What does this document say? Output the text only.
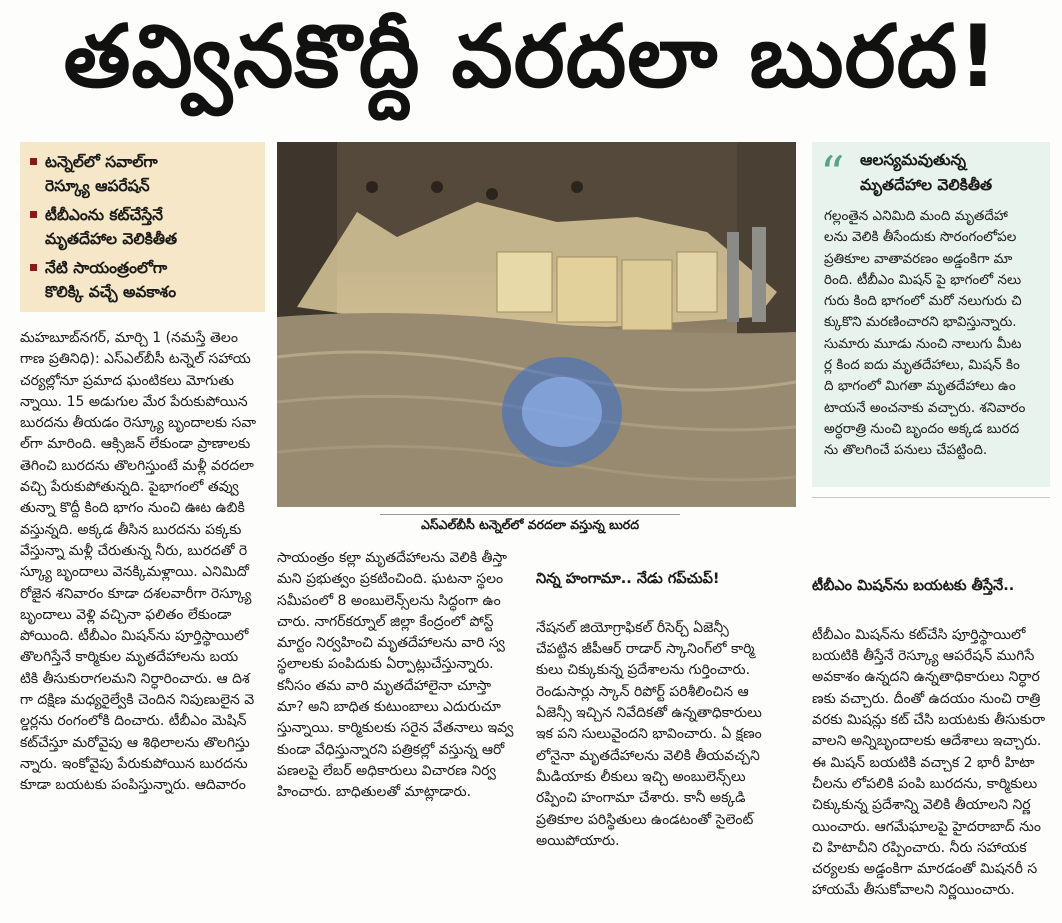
తవ్వినకొద్దీ వరదలా బురద!
టన్నెల్‌లో సవాల్‌గా
రెస్క్యూ ఆపరేషన్
టీబీఎంను కట్‌చేస్తేనే
మృతదేహాల వెలికితీత
నేటి సాయంత్రంలోగా
కొలిక్కి వచ్చే అవకాశం
ఎస్‌ఎల్‌బీసీ టన్నెల్‌లో వరదలా వస్తున్న బురద
మహబూబ్‌నగర్, మార్చి 1 (నమస్తే తెలం
గాణ ప్రతినిధి): ఎస్‌ఎల్‌బీసీ టన్నెల్ సహాయ
చర్యల్లోనూ ప్రమాద ఘంటికలు మోగుతు
న్నాయి. 15 అడుగుల మేర పేరుకుపోయిన
బురదను తీయడం రెస్క్యూ బృందాలకు సవా
ల్‌గా మారింది. ఆక్సిజన్ లేకుండా ప్రాణాలకు
తెగించి బురదను తొలగిస్తుంటే మళ్లీ వరదలా
వచ్చి పేరుకుపోతున్నది. పైభాగంలో తవ్వు
తున్నా కొద్దీ కింది భాగం నుంచి ఊట ఉబికి
వస్తున్నది. అక్కడ తీసిన బురదను పక్కకు
వేస్తున్నా మళ్లీ చేరుతున్న నీరు, బురదతో రె
స్క్యూ బృందాలు వెనక్కిమళ్లాయి. ఎనిమిదో
రోజైన శనివారం కూడా దశలవారీగా రెస్క్యూ
బృందాలు వెళ్లి వచ్చినా ఫలితం లేకుండా
పోయింది. టీబీఎం మిషన్‌ను పూర్తిస్థాయిలో
తొలగిస్తేనే కార్మికుల మృతదేహాలను బయ
టికి తీసుకురాగలమని నిర్ధారించారు. ఆ దిశ
గా దక్షిణ మధ్యరైల్వేకి చెందిన నిపుణులైన వె
ల్డర్లను రంగంలోకి దించారు. టీబీఎం మెషిన్
కట్‌చేస్తూ మరోవైపు ఆ శిథిలాలను తొలగిస్తు
న్నారు. ఇంకోవైపు పేరుకుపోయిన బురదను
కూడా బయటకు పంపిస్తున్నారు. ఆదివారం
సాయంత్రం కల్లా మృతదేహాలను వెలికి తీస్తా
మని ప్రభుత్వం ప్రకటించింది. ఘటనా స్థలం
సమీపంలో 8 అంబులెన్స్‌లను సిద్ధంగా ఉం
చారు. నాగర్‌కర్నూల్ జిల్లా కేంద్రంలో పోస్ట్
మార్టం నిర్వహించి మృతదేహాలను వారి స్వ
స్థలాలకు పంపిదుకు ఏర్పాట్లుచేస్తున్నారు.
కనీసం తమ వారి మృతదేహాలైనా చూస్తా
మా? అని బాధిత కుటుంబాలు ఎదురుచూ
స్తున్నాయి. కార్మికులకు సరైన వేతనాలు ఇవ్వ
కుండా వేధిస్తున్నారని పత్రికల్లో వస్తున్న ఆరో
పణలపై లేబర్ అధికారులు విచారణ నిర్వ
హించారు. బాధితులతో మాట్లాడారు.

నిన్న హంగామా.. నేడు గప్‌చుప్!

నేషనల్ జియోగ్రాఫికల్ రీసెర్చ్ ఏజెన్సీ
చేపట్టిన జీపీఆర్ రాడార్ స్కానింగ్‌లో కార్మి
కులు చిక్కుకున్న ప్రదేశాలను గుర్తించారు.
రెండుసార్లు స్కాన్ రిపోర్ట్ పరిశీలించిన ఆ
ఏజెన్సీ ఇచ్చిన నివేదికతో ఉన్నతాధికారులు
ఇక పని సులువైందని భావించారు. ఏ క్షణం
లోనైనా మృతదేహాలను వెలికి తీయవచ్చని
మీడియాకు లీకులు ఇచ్చి అంబులెన్స్‌లు
రప్పించి హంగామా చేశారు. కానీ అక్కడి
ప్రతికూల పరిస్థితులు ఉండటంతో సైలెంట్
అయిపోయారు.

“ ఆలస్యమవుతున్న
మృతదేహాల వెలికితీత
గల్లంతైన ఎనిమిది మంది మృతదేహా
లను వెలికి తీసేందుకు సొరంగంలోపల
ప్రతికూల వాతావరణం అడ్డంకిగా మా
రింది. టీబీఎం మిషన్ పై భాగంలో నలు
గురు కింది భాగంలో మరో నలుగురు చి
క్కుకొని మరణించారని భావిస్తున్నారు.
సుమారు మూడు నుంచి నాలుగు మీట
ర్ల కింద ఐదు మృతదేహాలు, మిషన్ కిం
ది భాగంలో మిగతా మృతదేహాలు ఉం
టాయనే అంచనాకు వచ్చారు. శనివారం
అర్ధరాత్రి నుంచి బృందం అక్కడ బురద
ను తొలగించే పనులు చేపట్టింది.

టీబీఎం మిషన్‌ను బయటకు తీస్తేనే..

టీబీఎం మిషన్‌ను కట్‌చేసి పూర్తిస్థాయిలో
బయటికి తీస్తేనే రెస్క్యూ ఆపరేషన్ ముగిసే
అవకాశం ఉన్నదని ఉన్నతాధికారులు నిర్ధార
ణకు వచ్చారు. దీంతో ఉదయం నుంచి రాత్రి
వరకు మిషన్లు కట్ చేసి బయటకు తీసుకురా
వాలని అన్నిబృందాలకు ఆదేశాలు ఇచ్చారు.
ఈ మిషన్ బయటికి వచ్చాక 2 భారీ హిటా
చీలను లోపలికి పంపి బురదను, కార్మికులు
చిక్కుకున్న ప్రదేశాన్ని వెలికి తీయాలని నిర్ణ
యించారు. ఆగమేఘాలపై హైదరాబాద్ నుం
చి హిటాచీని రప్పించారు. నీరు సహాయక
చర్యలకు అడ్డంకిగా మారడంతో మిషనరీ స
హాయమే తీసుకోవాలని నిర్ణయించారు.
